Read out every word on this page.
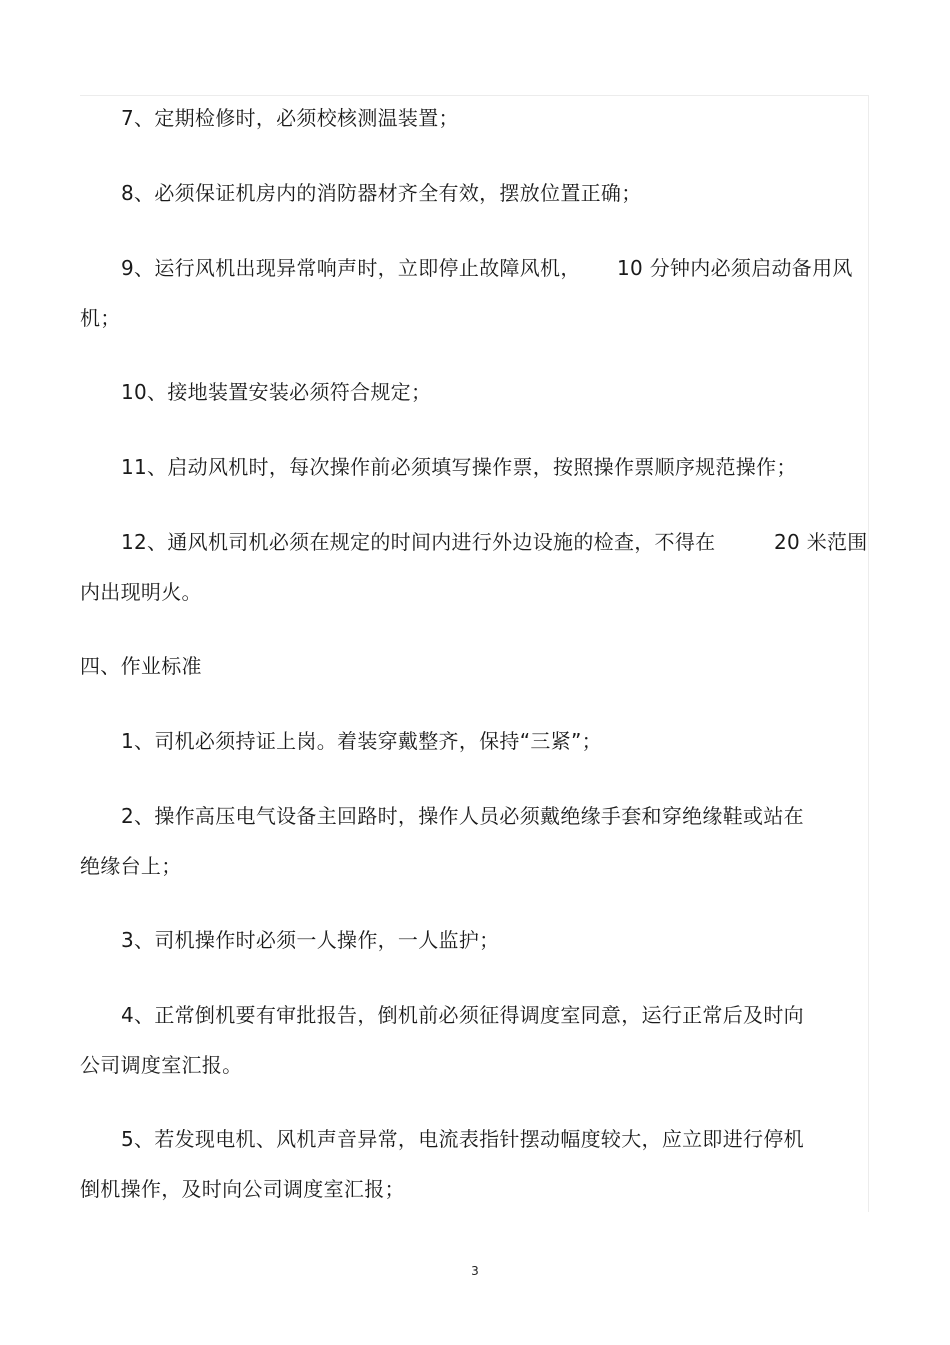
7、定期检修时，必须校核测温装置；
8、必须保证机房内的消防器材齐全有效，摆放位置正确；
9、运行风机出现异常响声时，立即停止故障风机， 10 分钟内必须启动备用风
机；
10、接地装置安装必须符合规定；
11、启动风机时，每次操作前必须填写操作票，按照操作票顺序规范操作；
12、通风机司机必须在规定的时间内进行外边设施的检查，不得在	20 米范围
内出现明火。
四、作业标准
1、司机必须持证上岗。着装穿戴整齐，保持“三紧”；
2、操作高压电气设备主回路时，操作人员必须戴绝缘手套和穿绝缘鞋或站在
绝缘台上；
3、司机操作时必须一人操作，一人监护；
4、正常倒机要有审批报告，倒机前必须征得调度室同意，运行正常后及时向
公司调度室汇报。
5、若发现电机、风机声音异常，电流表指针摆动幅度较大，应立即进行停机
倒机操作，及时向公司调度室汇报；
3
